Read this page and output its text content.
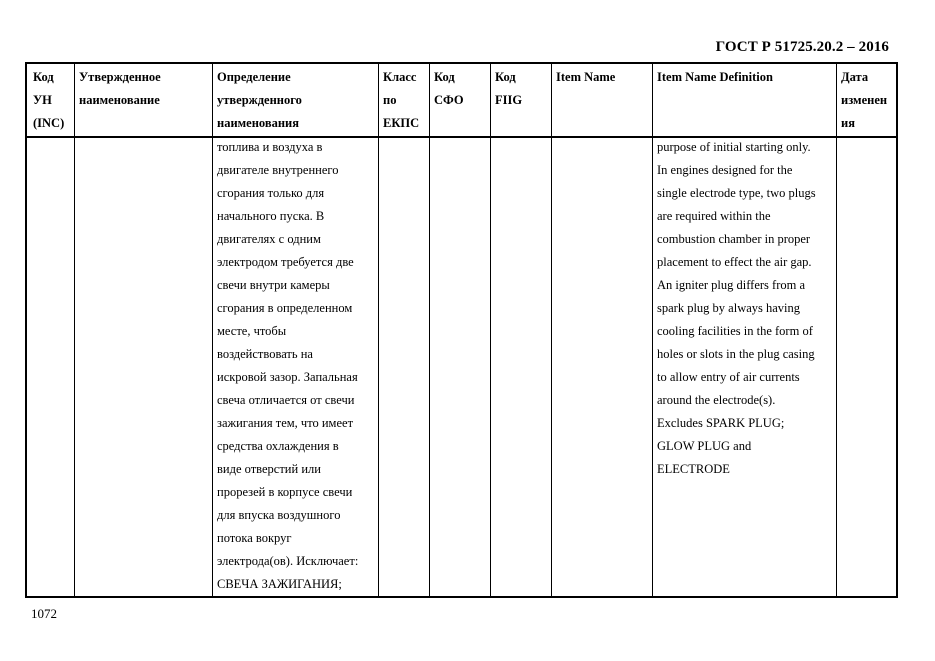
ГОСТ Р 51725.20.2 – 2016
Код
УН
(INC)
Утвержденное
наименование
Определение
утвержденного
наименования
Класс
по
ЕКПС
Код
СФО
Код
FIIG
Item Name	Item Name Definition	Дата
изменен
ия
топлива и воздуха в
двигателе внутреннего
сгорания только для
начального пуска. В
двигателях с одним
электродом требуется две
свечи внутри камеры
сгорания в определенном
месте, чтобы
воздействовать на
искровой зазор. Запальная
свеча отличается от свечи
зажигания тем, что имеет
средства охлаждения в
виде отверстий или
прорезей в корпусе свечи
для впуска воздушного
потока вокруг
электрода(ов). Исключает:
СВЕЧА ЗАЖИГАНИЯ;
purpose of initial starting only.
In engines designed for the
single electrode type, two plugs
are required within the
combustion chamber in proper
placement to effect the air gap.
An igniter plug differs from a
spark plug by always having
cooling facilities in the form of
holes or slots in the plug casing
to allow entry of air currents
around the electrode(s).
Excludes SPARK PLUG;
GLOW PLUG and
ELECTRODE
1072
